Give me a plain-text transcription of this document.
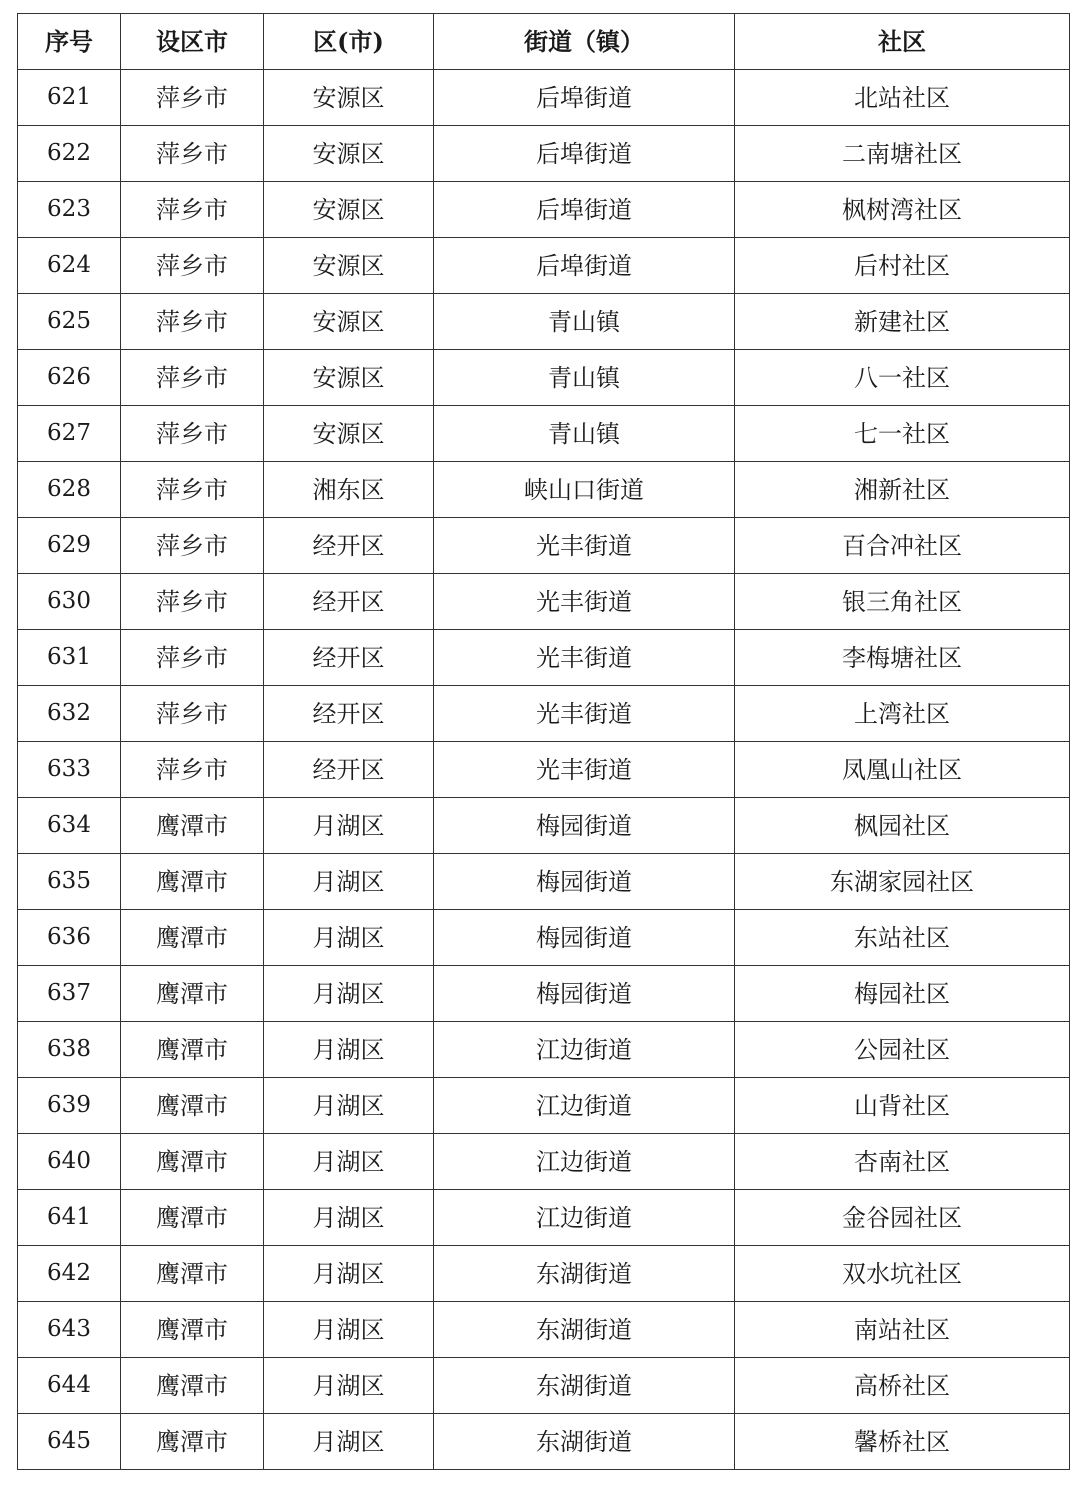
序号	设区市	区(市)	街道（镇）	社区
621	萍乡市	安源区	后埠街道	北站社区
622	萍乡市	安源区	后埠街道	二南塘社区
623	萍乡市	安源区	后埠街道	枫树湾社区
624	萍乡市	安源区	后埠街道	后村社区
625	萍乡市	安源区	青山镇	新建社区
626	萍乡市	安源区	青山镇	八一社区
627	萍乡市	安源区	青山镇	七一社区
628	萍乡市	湘东区	峡山口街道	湘新社区
629	萍乡市	经开区	光丰街道	百合冲社区
630	萍乡市	经开区	光丰街道	银三角社区
631	萍乡市	经开区	光丰街道	李梅塘社区
632	萍乡市	经开区	光丰街道	上湾社区
633	萍乡市	经开区	光丰街道	凤凰山社区
634	鹰潭市	月湖区	梅园街道	枫园社区
635	鹰潭市	月湖区	梅园街道	东湖家园社区
636	鹰潭市	月湖区	梅园街道	东站社区
637	鹰潭市	月湖区	梅园街道	梅园社区
638	鹰潭市	月湖区	江边街道	公园社区
639	鹰潭市	月湖区	江边街道	山背社区
640	鹰潭市	月湖区	江边街道	杏南社区
641	鹰潭市	月湖区	江边街道	金谷园社区
642	鹰潭市	月湖区	东湖街道	双水坑社区
643	鹰潭市	月湖区	东湖街道	南站社区
644	鹰潭市	月湖区	东湖街道	高桥社区
645	鹰潭市	月湖区	东湖街道	馨桥社区
